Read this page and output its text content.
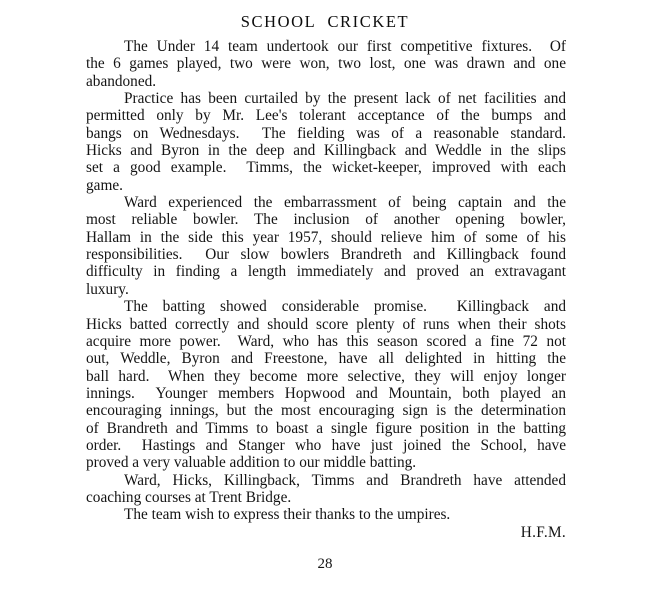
SCHOOL CRICKET

The Under 14 team undertook our first competitive fixtures.  Of
the 6 games played, two were won, two lost, one was drawn and one
abandoned.

Practice has been curtailed by the present lack of net facilities and
permitted only by Mr. Lee's tolerant acceptance of the bumps and
bangs on Wednesdays.  The fielding was of a reasonable standard.
Hicks and Byron in the deep and Killingback and Weddle in the slips
set a good example.  Timms, the wicket-keeper, improved with each
game.

Ward experienced the embarrassment of being captain and the
most reliable bowler. The inclusion of another opening bowler,
Hallam in the side this year 1957, should relieve him of some of his
responsibilities.  Our slow bowlers Brandreth and Killingback found
difficulty in finding a length immediately and proved an extravagant
luxury.

The batting showed considerable promise.  Killingback and
Hicks batted correctly and should score plenty of runs when their shots
acquire more power.  Ward, who has this season scored a fine 72 not
out, Weddle, Byron and Freestone, have all delighted in hitting the
ball hard.  When they become more selective, they will enjoy longer
innings.  Younger members Hopwood and Mountain, both played an
encouraging innings, but the most encouraging sign is the determination
of Brandreth and Timms to boast a single figure position in the batting
order.  Hastings and Stanger who have just joined the School, have
proved a very valuable addition to our middle batting.

Ward, Hicks, Killingback, Timms and Brandreth have attended
coaching courses at Trent Bridge.

The team wish to express their thanks to the umpires.

H.F.M.
28
